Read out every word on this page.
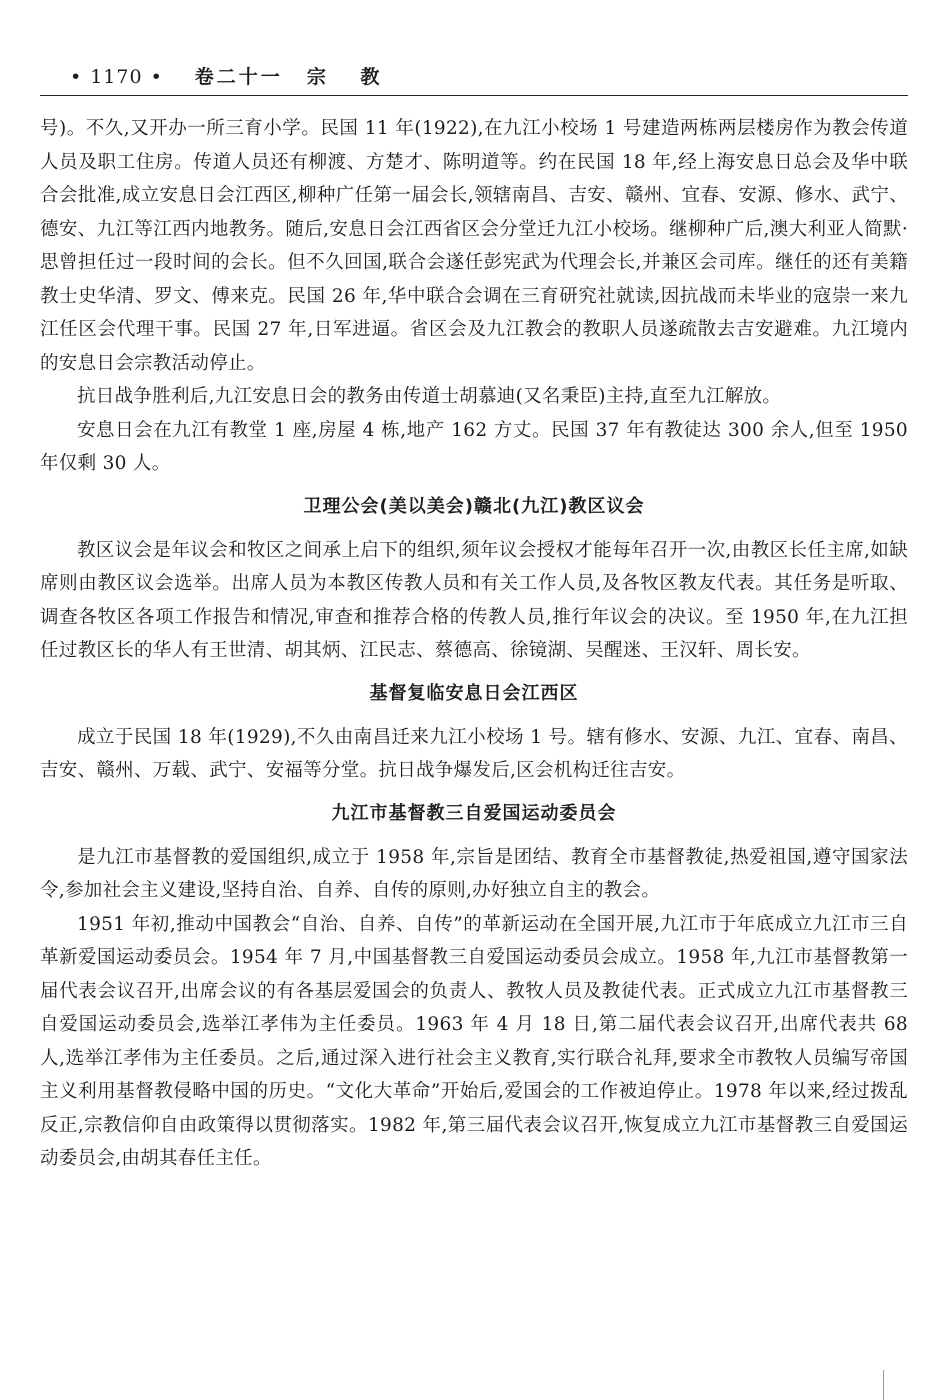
• 1170 • 卷二十一 宗 教

号)。不久,又开办一所三育小学。民国 11 年(1922),在九江小校场 1 号建造两栋两层楼房作为教会传道人员及职工住房。传道人员还有柳渡、方楚才、陈明道等。约在民国 18 年,经上海安息日总会及华中联合会批准,成立安息日会江西区,柳种广任第一届会长,领辖南昌、吉安、赣州、宜春、安源、修水、武宁、德安、九江等江西内地教务。随后,安息日会江西省区会分堂迁九江小校场。继柳种广后,澳大利亚人简默·思曾担任过一段时间的会长。但不久回国,联合会遂任彭宪武为代理会长,并兼区会司库。继任的还有美籍教士史华清、罗文、傅来克。民国 26 年,华中联合会调在三育研究社就读,因抗战而未毕业的寇崇一来九江任区会代理干事。民国 27 年,日军进逼。省区会及九江教会的教职人员遂疏散去吉安避难。九江境内的安息日会宗教活动停止。

抗日战争胜利后,九江安息日会的教务由传道士胡慕迪(又名秉臣)主持,直至九江解放。

安息日会在九江有教堂 1 座,房屋 4 栋,地产 162 方丈。民国 37 年有教徒达 300 余人,但至 1950 年仅剩 30 人。

卫理公会(美以美会)赣北(九江)教区议会

教区议会是年议会和牧区之间承上启下的组织,须年议会授权才能每年召开一次,由教区长任主席,如缺席则由教区议会选举。出席人员为本教区传教人员和有关工作人员,及各牧区教友代表。其任务是听取、调查各牧区各项工作报告和情况,审查和推荐合格的传教人员,推行年议会的决议。至 1950 年,在九江担任过教区长的华人有王世清、胡其炳、江民志、蔡德高、徐镜湖、吴醒迷、王汉轩、周长安。

基督复临安息日会江西区

成立于民国 18 年(1929),不久由南昌迁来九江小校场 1 号。辖有修水、安源、九江、宜春、南昌、吉安、赣州、万载、武宁、安福等分堂。抗日战争爆发后,区会机构迁往吉安。

九江市基督教三自爱国运动委员会

是九江市基督教的爱国组织,成立于 1958 年,宗旨是团结、教育全市基督教徒,热爱祖国,遵守国家法令,参加社会主义建设,坚持自治、自养、自传的原则,办好独立自主的教会。

1951 年初,推动中国教会“自治、自养、自传”的革新运动在全国开展,九江市于年底成立九江市三自革新爱国运动委员会。1954 年 7 月,中国基督教三自爱国运动委员会成立。1958 年,九江市基督教第一届代表会议召开,出席会议的有各基层爱国会的负责人、教牧人员及教徒代表。正式成立九江市基督教三自爱国运动委员会,选举江孝伟为主任委员。1963 年 4 月 18 日,第二届代表会议召开,出席代表共 68 人,选举江孝伟为主任委员。之后,通过深入进行社会主义教育,实行联合礼拜,要求全市教牧人员编写帝国主义利用基督教侵略中国的历史。“文化大革命”开始后,爱国会的工作被迫停止。1978 年以来,经过拨乱反正,宗教信仰自由政策得以贯彻落实。1982 年,第三届代表会议召开,恢复成立九江市基督教三自爱国运动委员会,由胡其春任主任。
